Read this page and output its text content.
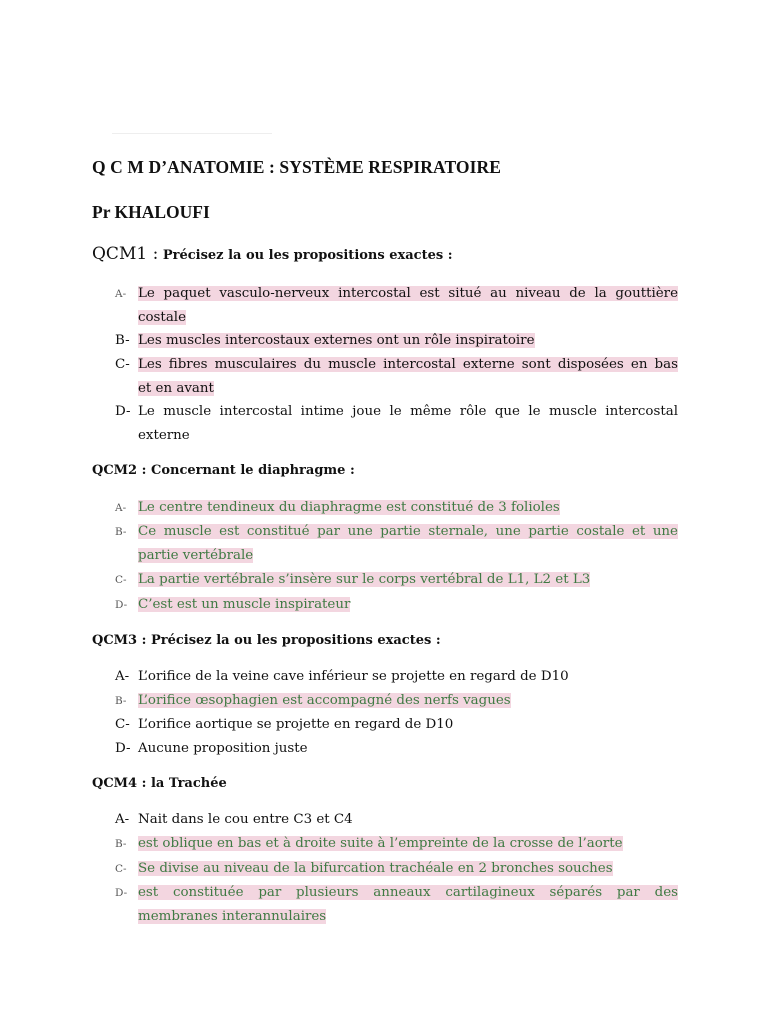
Q C M D’ANATOMIE : SYSTÈME RESPIRATOIRE
Pr KHALOUFI
QCM1 : Précisez la ou les propositions exactes :
A- Le paquet vasculo-nerveux intercostal est situé au niveau de la gouttière
costale
B- Les muscles intercostaux externes ont un rôle inspiratoire
C- Les fibres musculaires du muscle intercostal externe sont disposées en bas
et en avant
D- Le muscle intercostal intime joue le même rôle que le muscle intercostal
externe
QCM2 : Concernant le diaphragme :
A- Le centre tendineux du diaphragme est constitué de 3 folioles
B- Ce muscle est constitué par une partie sternale, une partie costale et une
partie vertébrale
C- La partie vertébrale s’insère sur le corps vertébral de L1, L2 et L3
D- C’est est un muscle inspirateur
QCM3 : Précisez la ou les propositions exactes :
A- L’orifice de la veine cave inférieur se projette en regard de D10
B- L’orifice œsophagien est accompagné des nerfs vagues
C- L’orifice aortique se projette en regard de D10
D- Aucune proposition juste
QCM4 : la Trachée
A- Nait dans le cou entre C3 et C4
B- est oblique en bas et à droite suite à l’empreinte de la crosse de l’aorte
C- Se divise au niveau de la bifurcation trachéale en 2 bronches souches
D- est constituée par plusieurs anneaux cartilagineux séparés par des
membranes interannulaires
